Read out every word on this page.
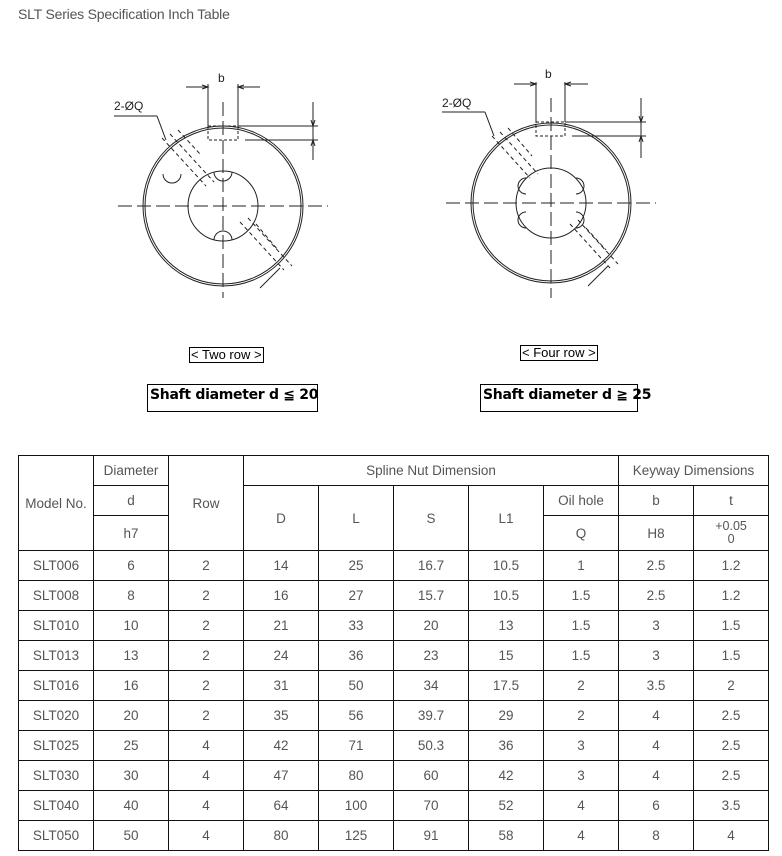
SLT Series Specification Inch Table
b
2-ØQ
b
2-ØQ
< Two row >	< Four row >
Shaft diameter d ≦ 20	Shaft diameter d ≧ 25
Model No.	Diameter	Row	Spline Nut Dimension					Keyway Dimensions	
	d		D	L	S	L1	Oil hole	b	t
	h7						Q	H8	+0.05
0

SLT006	6	2	14	25	16.7	10.5	1	2.5	1.2
SLT008	8	2	16	27	15.7	10.5	1.5	2.5	1.2
SLT010	10	2	21	33	20	13	1.5	3	1.5
SLT013	13	2	24	36	23	15	1.5	3	1.5
SLT016	16	2	31	50	34	17.5	2	3.5	2
SLT020	20	2	35	56	39.7	29	2	4	2.5
SLT025	25	4	42	71	50.3	36	3	4	2.5
SLT030	30	4	47	80	60	42	3	4	2.5
SLT040	40	4	64	100	70	52	4	6	3.5
SLT050	50	4	80	125	91	58	4	8	4
